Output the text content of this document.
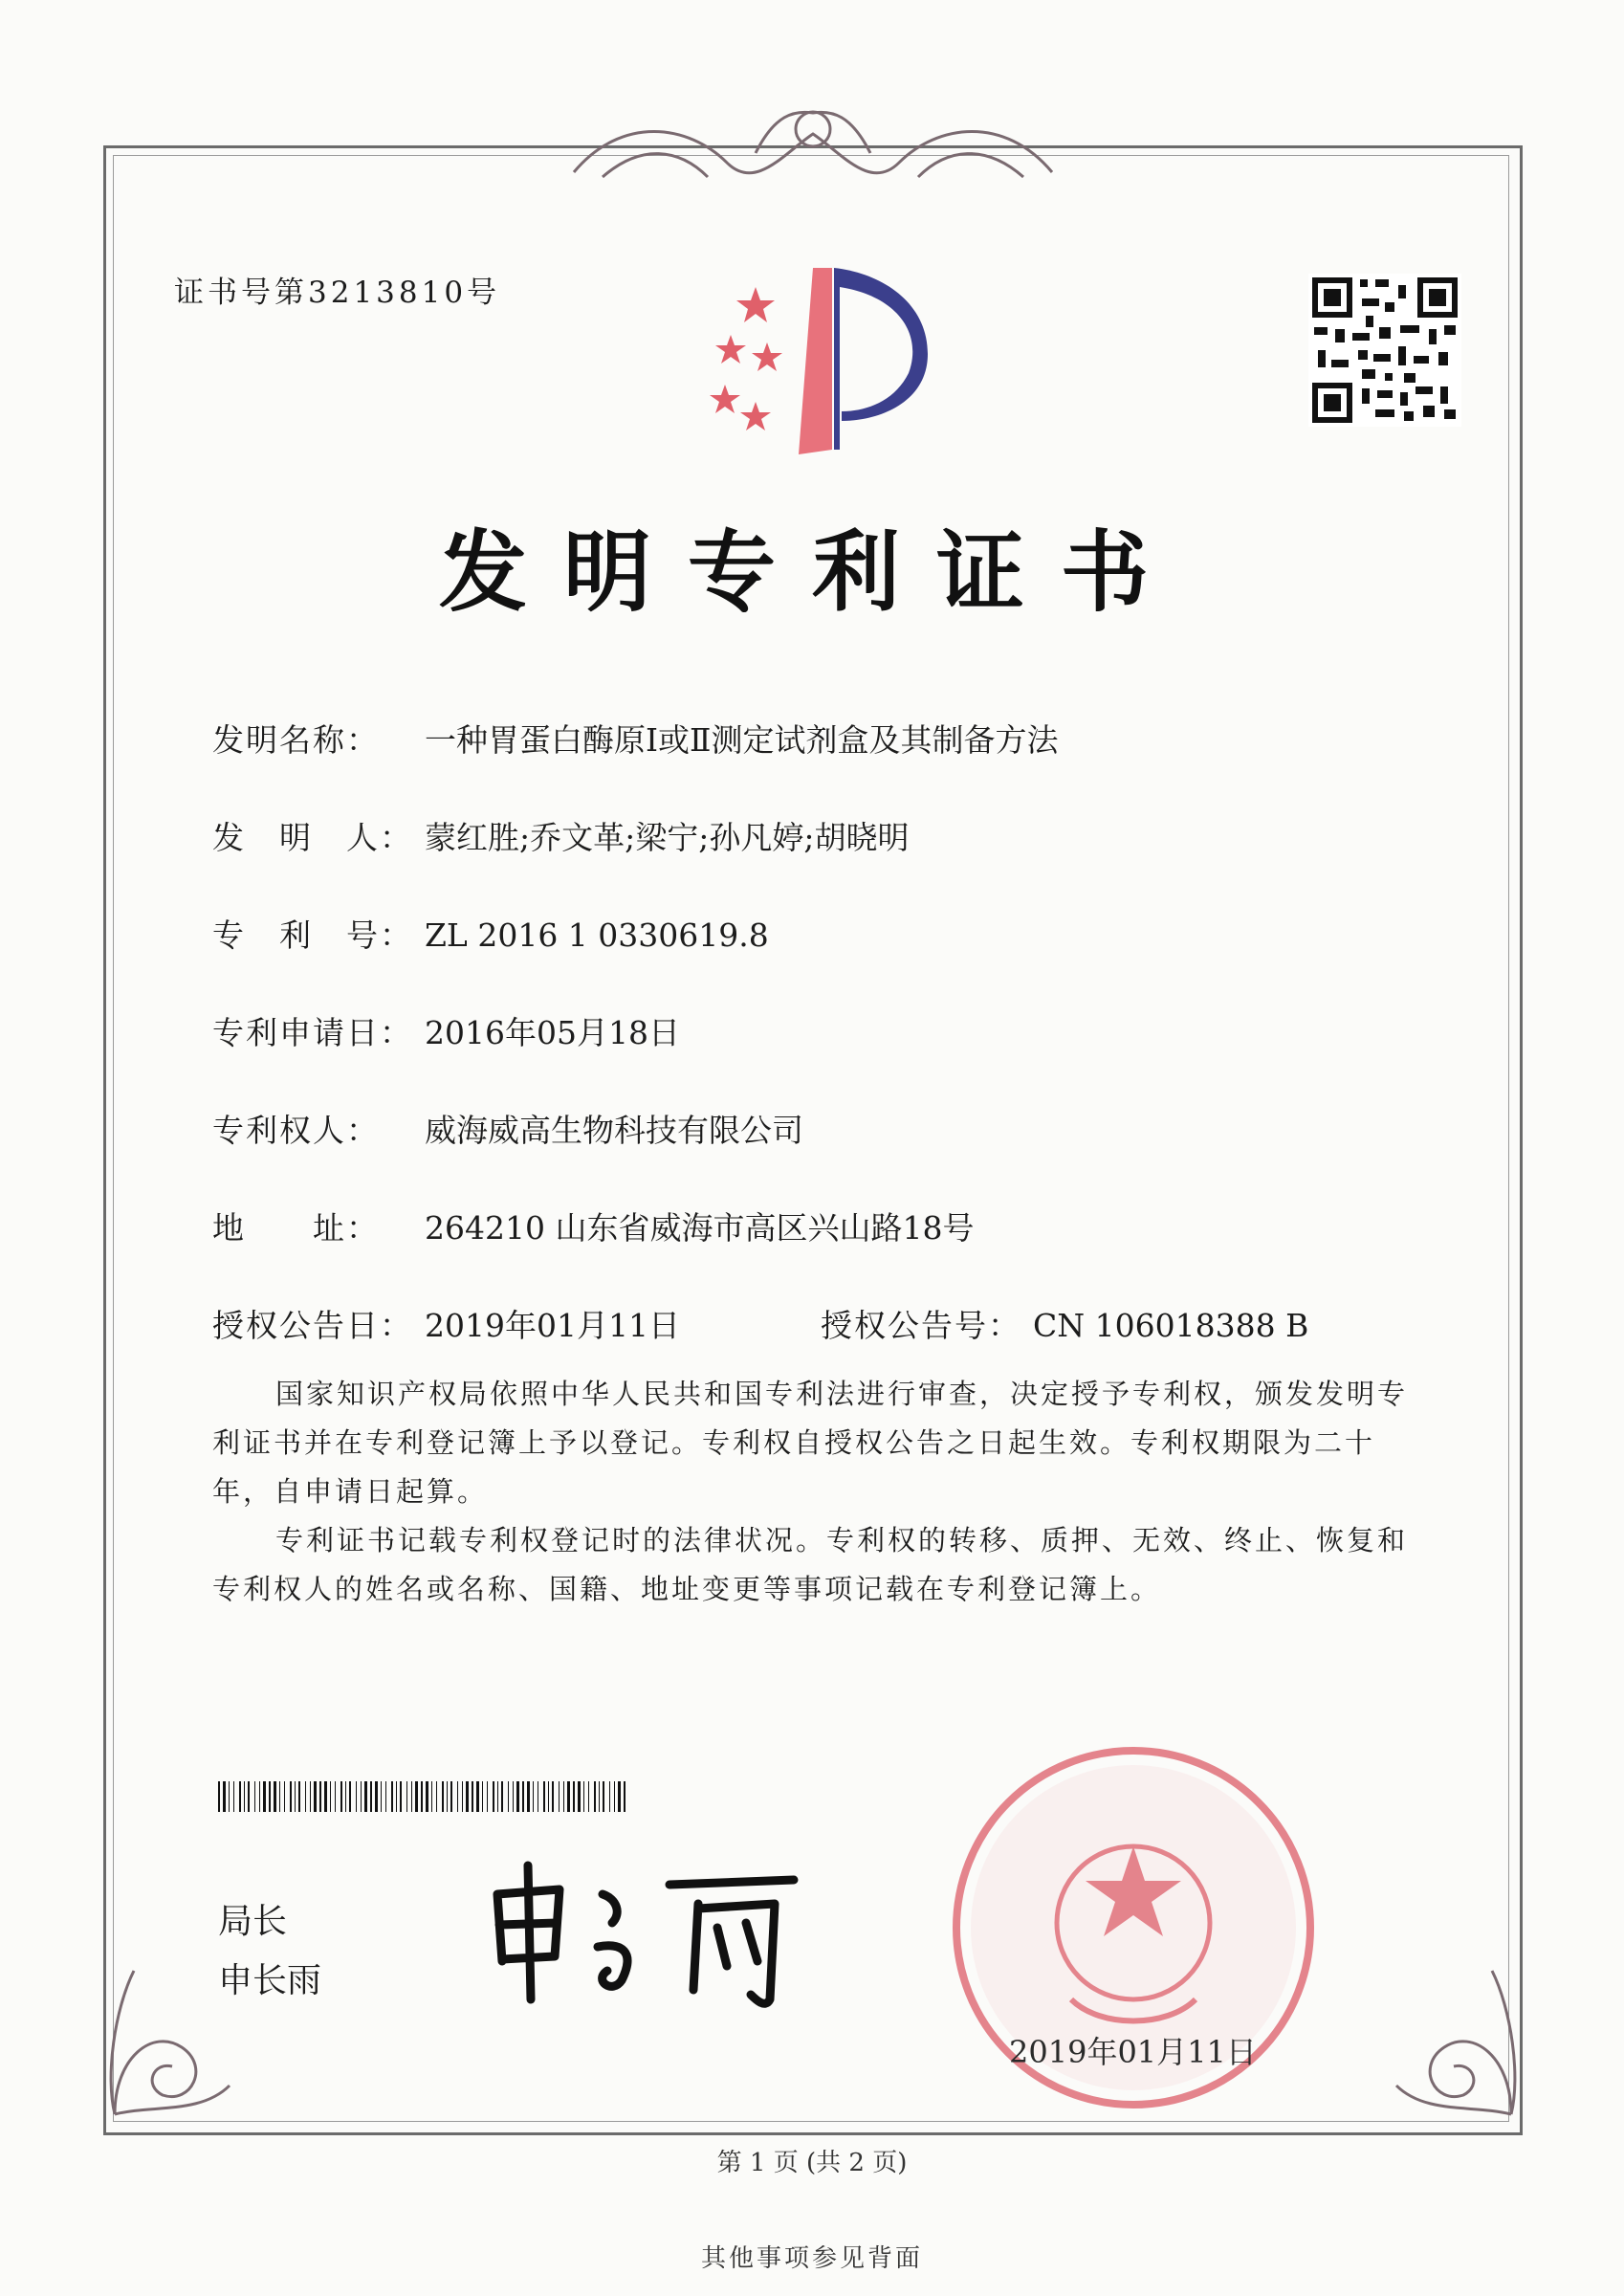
证书号第3213810号
发明专利证书
发明名称： 一种胃蛋白酶原Ⅰ或Ⅱ测定试剂盒及其制备方法
发　明　人： 蒙红胜;乔文革;梁宁;孙凡婷;胡晓明
专　利　号： ZL 2016 1 0330619.8
专利申请日： 2016年05月18日
专利权人： 威海威高生物科技有限公司
地　　址： 264210 山东省威海市高区兴山路18号
授权公告日： 2019年01月11日	授权公告号： CN 106018388 B

国家知识产权局依照中华人民共和国专利法进行审查，决定授予专利权，颁发发明专利证书并在专利登记簿上予以登记。专利权自授权公告之日起生效。专利权期限为二十年，自申请日起算。

专利证书记载专利权登记时的法律状况。专利权的转移、质押、无效、终止、恢复和专利权人的姓名或名称、国籍、地址变更等事项记载在专利登记簿上。

局长
申长雨
2019年01月11日
第 1 页 (共 2 页)
其他事项参见背面
